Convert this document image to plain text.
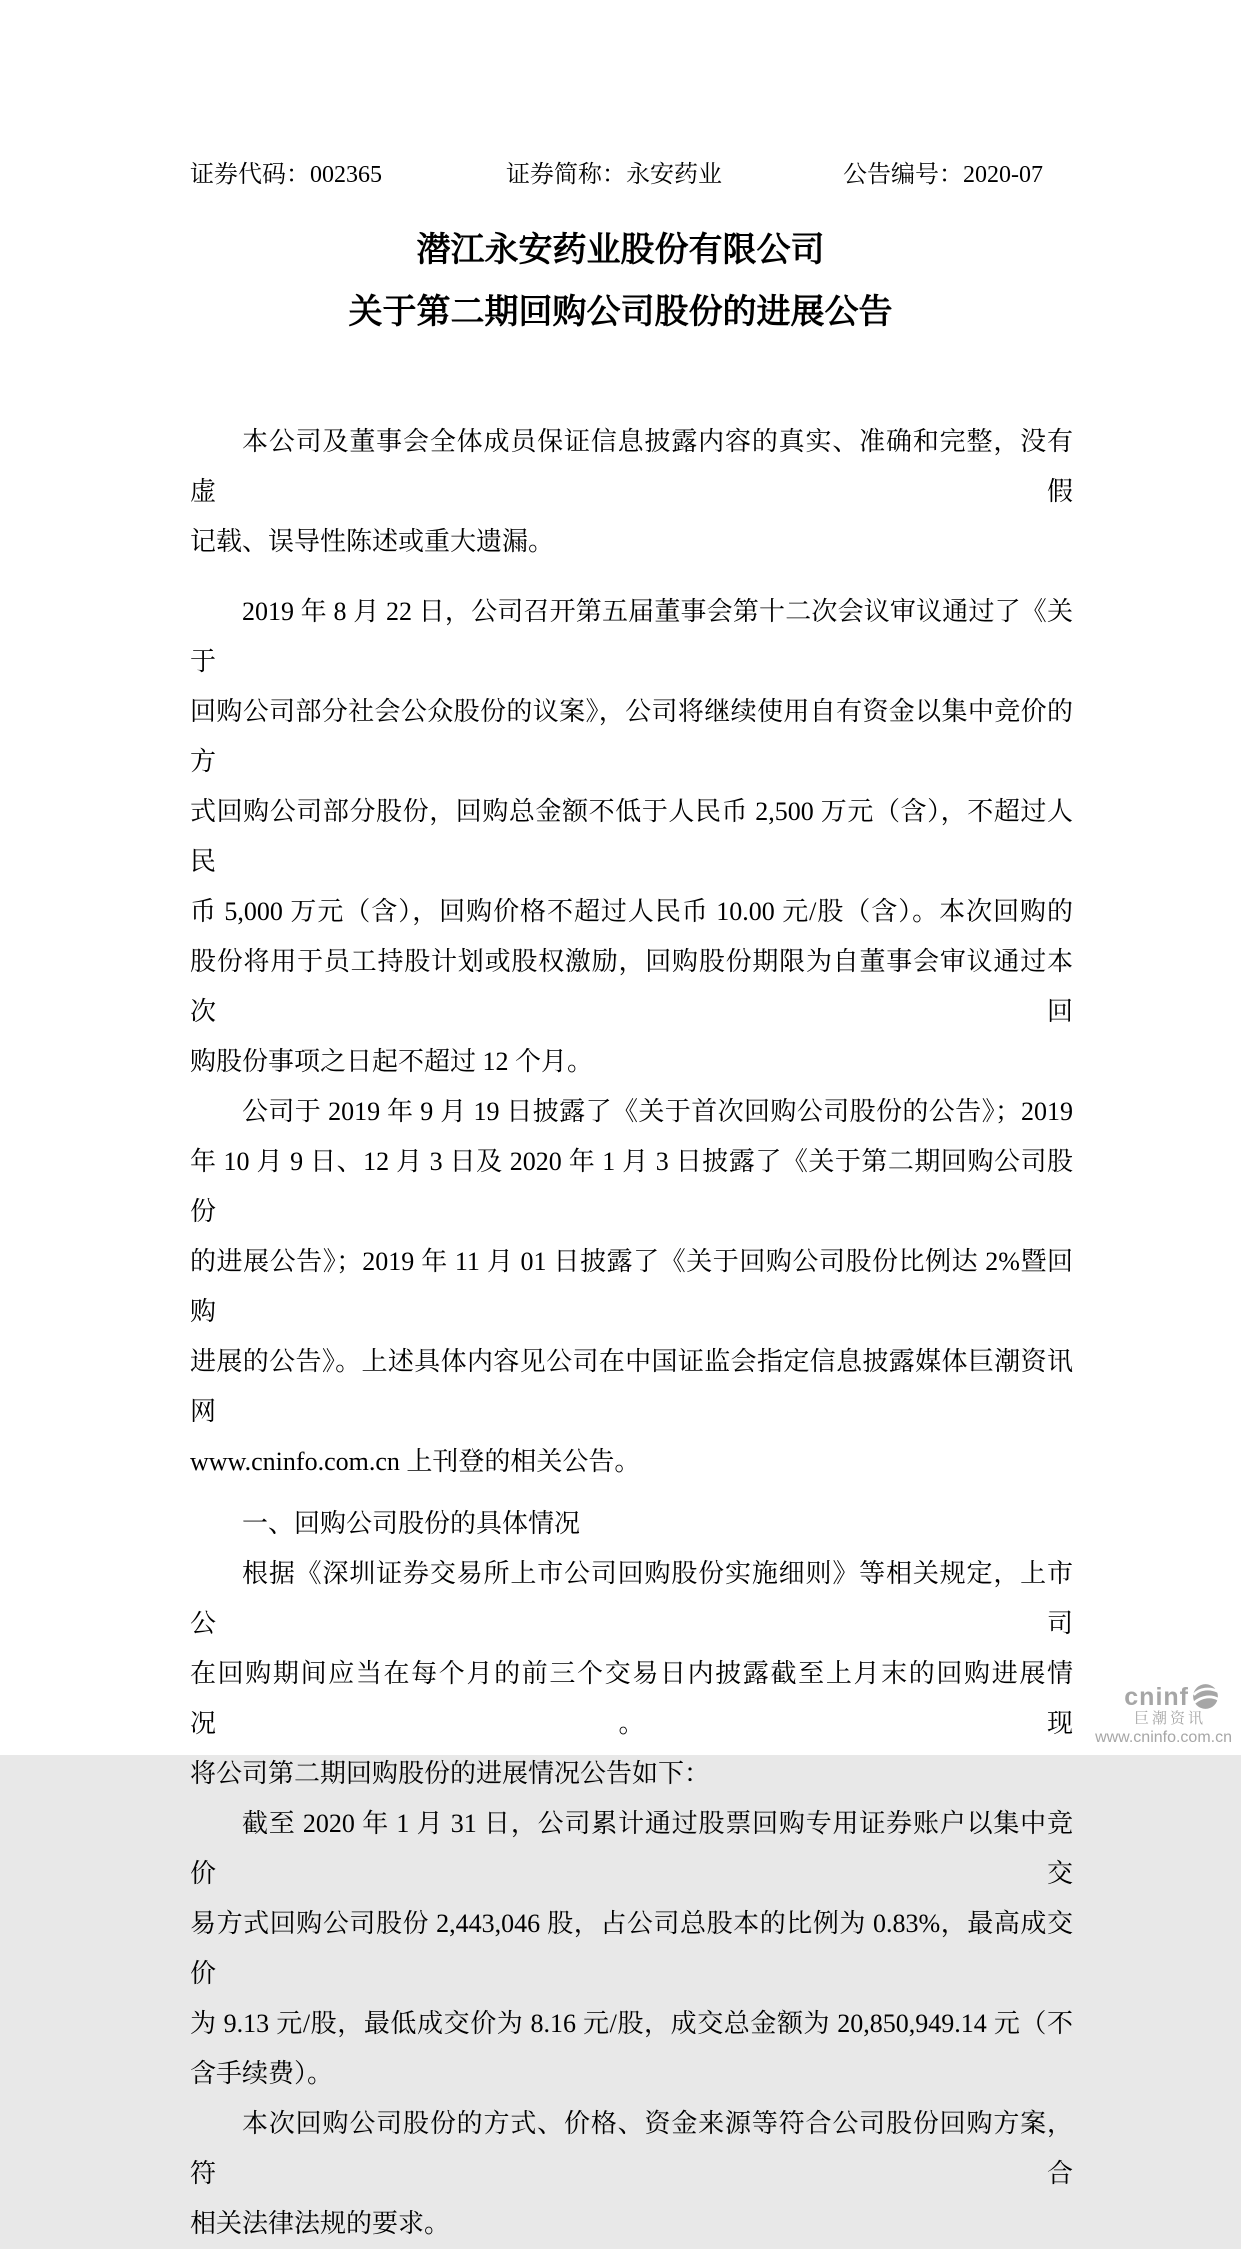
证券代码：002365	证券简称：永安药业	公告编号：2020-07
潜江永安药业股份有限公司
关于第二期回购公司股份的进展公告
本公司及董事会全体成员保证信息披露内容的真实、准确和完整，没有虚假
记载、误导性陈述或重大遗漏。
2019 年 8 月 22 日，公司召开第五届董事会第十二次会议审议通过了《关于
回购公司部分社会公众股份的议案》，公司将继续使用自有资金以集中竞价的方
式回购公司部分股份，回购总金额不低于人民币 2,500 万元（含），不超过人民
币 5,000 万元（含），回购价格不超过人民币 10.00 元/股（含）。本次回购的
股份将用于员工持股计划或股权激励，回购股份期限为自董事会审议通过本次回
购股份事项之日起不超过 12 个月。
公司于 2019 年 9 月 19 日披露了《关于首次回购公司股份的公告》；2019
年 10 月 9 日、12 月 3 日及 2020 年 1 月 3 日披露了《关于第二期回购公司股份
的进展公告》；2019 年 11 月 01 日披露了《关于回购公司股份比例达 2%暨回购
进展的公告》。上述具体内容见公司在中国证监会指定信息披露媒体巨潮资讯网
www.cninfo.com.cn 上刊登的相关公告。
一、回购公司股份的具体情况
根据《深圳证券交易所上市公司回购股份实施细则》等相关规定，上市公司
在回购期间应当在每个月的前三个交易日内披露截至上月末的回购进展情况。现
将公司第二期回购股份的进展情况公告如下：
截至 2020 年 1 月 31 日，公司累计通过股票回购专用证券账户以集中竞价交
易方式回购公司股份 2,443,046 股，占公司总股本的比例为 0.83%，最高成交价
为 9.13 元/股，最低成交价为 8.16 元/股，成交总金额为 20,850,949.14 元（不
含手续费）。
本次回购公司股份的方式、价格、资金来源等符合公司股份回购方案，符合
相关法律法规的要求。
cninf
巨潮资讯
www.cninfo.com.cn
